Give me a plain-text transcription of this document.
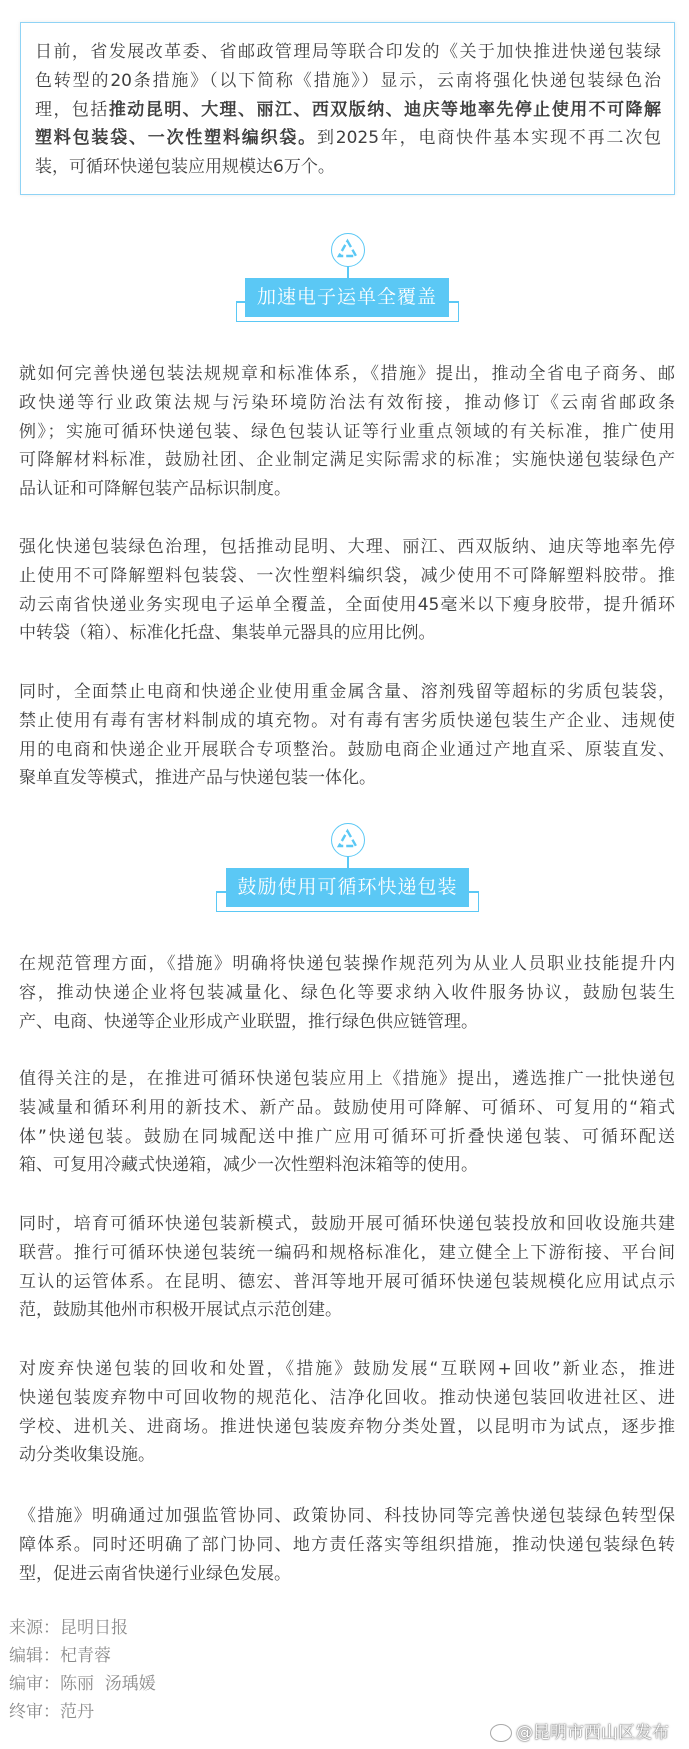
日前，省发展改革委、省邮政管理局等联合印发的《关于加快推进快递包装绿
色转型的20条措施》（以下简称《措施》）显示，云南将强化快递包装绿色治
理，包括推动昆明、大理、丽江、西双版纳、迪庆等地率先停止使用不可降解
塑料包装袋、一次性塑料编织袋。到2025年，电商快件基本实现不再二次包
装，可循环快递包装应用规模达6万个。
加速电子运单全覆盖
鼓励使用可循环快递包装
就如何完善快递包装法规规章和标准体系，《措施》提出，推动全省电子商务、邮
政快递等行业政策法规与污染环境防治法有效衔接，推动修订《云南省邮政条
例》；实施可循环快递包装、绿色包装认证等行业重点领域的有关标准，推广使用
可降解材料标准，鼓励社团、企业制定满足实际需求的标准；实施快递包装绿色产
品认证和可降解包装产品标识制度。
强化快递包装绿色治理，包括推动昆明、大理、丽江、西双版纳、迪庆等地率先停
止使用不可降解塑料包装袋、一次性塑料编织袋，减少使用不可降解塑料胶带。推
动云南省快递业务实现电子运单全覆盖，全面使用45毫米以下瘦身胶带，提升循环
中转袋（箱）、标准化托盘、集装单元器具的应用比例。
同时，全面禁止电商和快递企业使用重金属含量、溶剂残留等超标的劣质包装袋，
禁止使用有毒有害材料制成的填充物。对有毒有害劣质快递包装生产企业、违规使
用的电商和快递企业开展联合专项整治。鼓励电商企业通过产地直采、原装直发、
聚单直发等模式，推进产品与快递包装一体化。
在规范管理方面，《措施》明确将快递包装操作规范列为从业人员职业技能提升内
容，推动快递企业将包装减量化、绿色化等要求纳入收件服务协议，鼓励包装生
产、电商、快递等企业形成产业联盟，推行绿色供应链管理。
值得关注的是，在推进可循环快递包装应用上《措施》提出，遴选推广一批快递包
装减量和循环利用的新技术、新产品。鼓励使用可降解、可循环、可复用的“箱式
体”快递包装。鼓励在同城配送中推广应用可循环可折叠快递包装、可循环配送
箱、可复用冷藏式快递箱，减少一次性塑料泡沫箱等的使用。
同时，培育可循环快递包装新模式，鼓励开展可循环快递包装投放和回收设施共建
联营。推行可循环快递包装统一编码和规格标准化，建立健全上下游衔接、平台间
互认的运管体系。在昆明、德宏、普洱等地开展可循环快递包装规模化应用试点示
范，鼓励其他州市积极开展试点示范创建。
对废弃快递包装的回收和处置，《措施》鼓励发展“互联网+回收”新业态，推进
快递包装废弃物中可回收物的规范化、洁净化回收。推动快递包装回收进社区、进
学校、进机关、进商场。推进快递包装废弃物分类处置，以昆明市为试点，逐步推
动分类收集设施。
《措施》明确通过加强监管协同、政策协同、科技协同等完善快递包装绿色转型保
障体系。同时还明确了部门协同、地方责任落实等组织措施，推动快递包装绿色转
型，促进云南省快递行业绿色发展。
来源：昆明日报
编辑：杞青蓉
编审：陈丽  汤瑀媛
终审：范丹
@昆明市西山区发布
